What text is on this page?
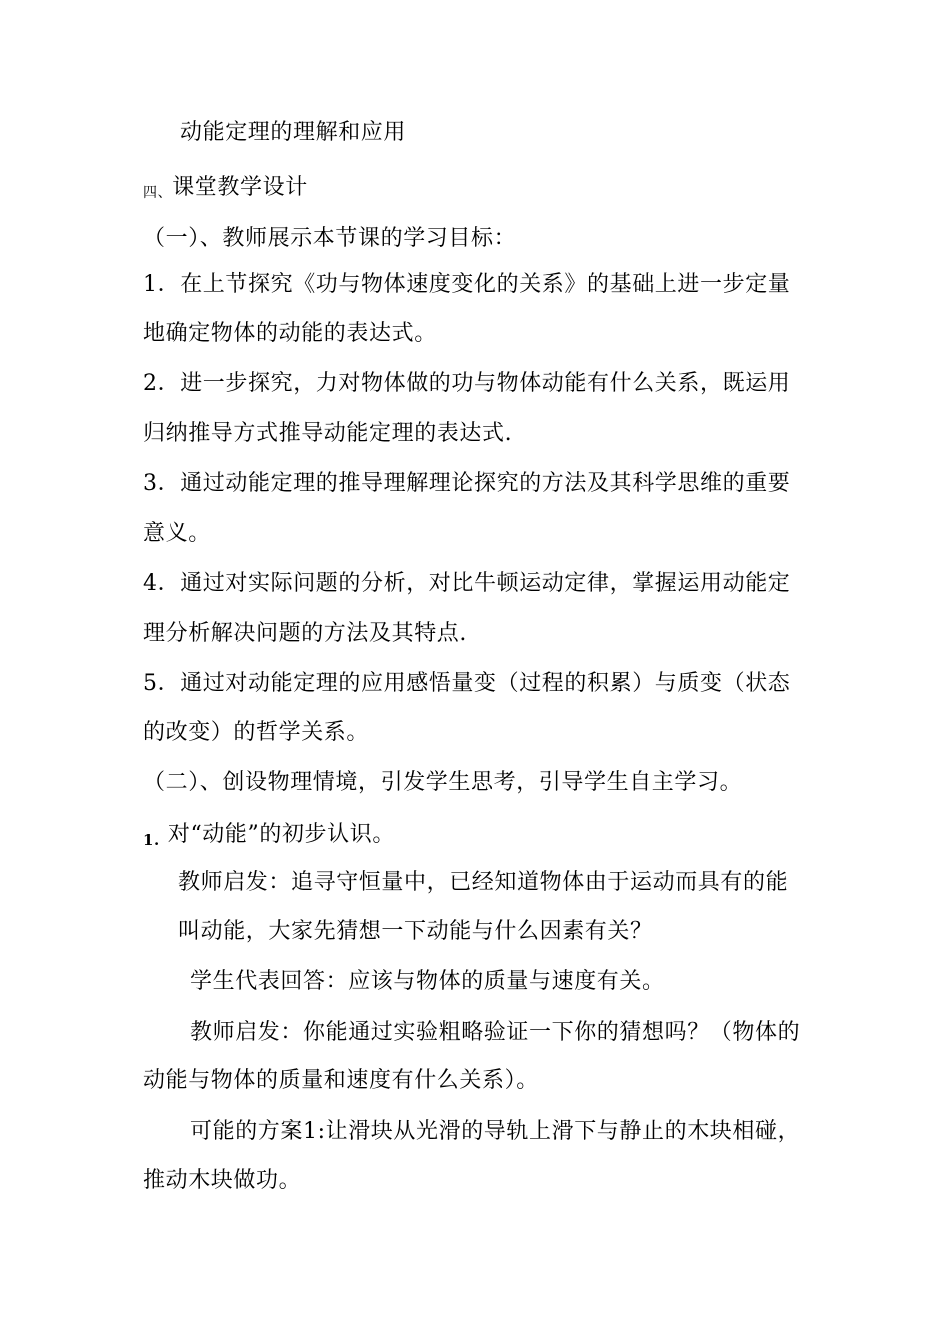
动能定理的理解和应用
四、课堂教学设计
（一）、教师展示本节课的学习目标：
1．在上节探究《功与物体速度变化的关系》的基础上进一步定量
地确定物体的动能的表达式。
2．进一步探究，力对物体做的功与物体动能有什么关系，既运用
归纳推导方式推导动能定理的表达式.
3．通过动能定理的推导理解理论探究的方法及其科学思维的重要
意义。
4．通过对实际问题的分析，对比牛顿运动定律，掌握运用动能定
理分析解决问题的方法及其特点.
5．通过对动能定理的应用感悟量变（过程的积累）与质变（状态
的改变）的哲学关系。
（二）、创设物理情境，引发学生思考，引导学生自主学习。
1. 对“动能”的初步认识。
教师启发：追寻守恒量中，已经知道物体由于运动而具有的能
叫动能，大家先猜想一下动能与什么因素有关？
学生代表回答：应该与物体的质量与速度有关。
教师启发：你能通过实验粗略验证一下你的猜想吗？（物体的
动能与物体的质量和速度有什么关系）。
可能的方案1:让滑块从光滑的导轨上滑下与静止的木块相碰，
推动木块做功。
